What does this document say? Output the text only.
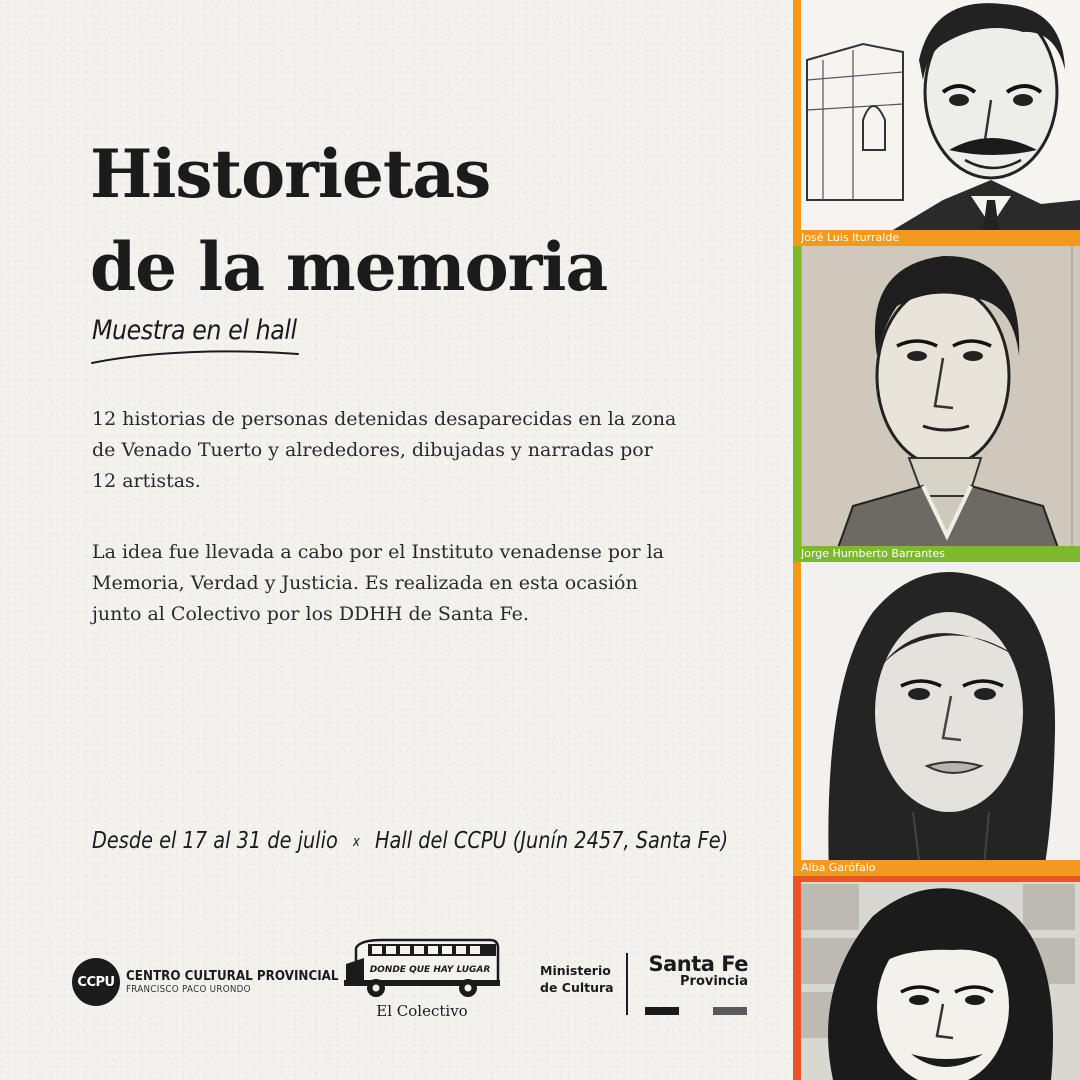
Historietas
de la memoria
Muestra en el hall

12 historias de personas detenidas desaparecidas en la zona de Venado Tuerto y alrededores, dibujadas y narradas por 12 artistas.

La idea fue llevada a cabo por el Instituto venadense por la Memoria, Verdad y Justicia. Es realizada en esta ocasión junto al Colectivo por los DDHH de Santa Fe.

Desde el 17 al 31 de julio x Hall del CCPU (Junín 2457, Santa Fe)
CCPU CENTRO CULTURAL PROVINCIAL
FRANCISCO PACO URONDO
DONDE QUE HAY LUGAR
El Colectivo
Ministerio
de Cultura
Santa Fe
Provincia
José Luis Iturralde
Jorge Humberto Barrantes
Alba Garófalo
